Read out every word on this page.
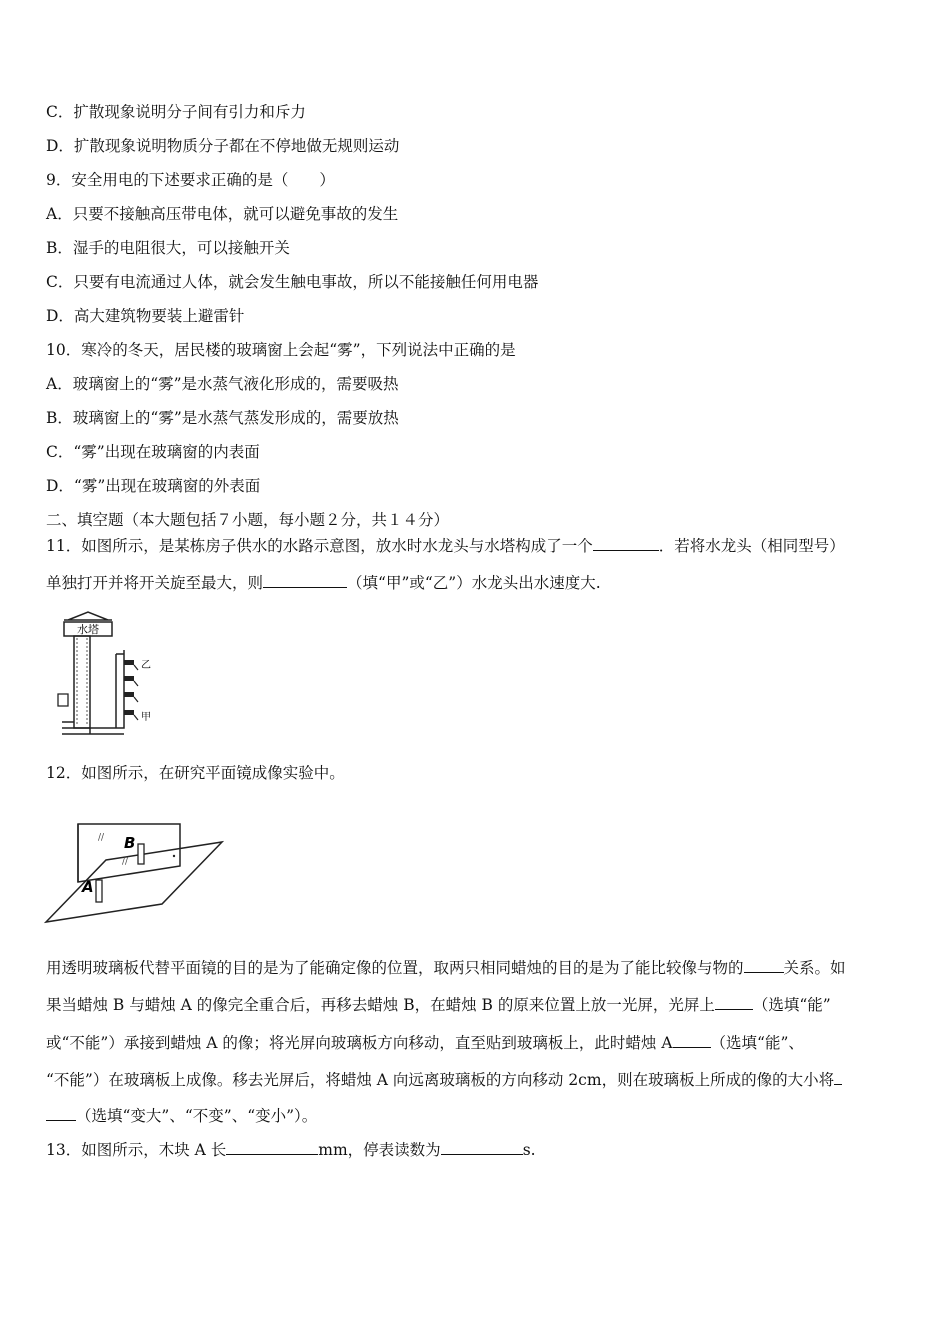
C．扩散现象说明分子间有引力和斥力
D．扩散现象说明物质分子都在不停地做无规则运动
9．安全用电的下述要求正确的是（　　）
A．只要不接触高压带电体，就可以避免事故的发生
B．湿手的电阻很大，可以接触开关
C．只要有电流通过人体，就会发生触电事故，所以不能接触任何用电器
D．高大建筑物要装上避雷针
10．寒冷的冬天，居民楼的玻璃窗上会起“雾”，下列说法中正确的是
A．玻璃窗上的“雾”是水蒸气液化形成的，需要吸热
B．玻璃窗上的“雾”是水蒸气蒸发形成的，需要放热
C．“雾”出现在玻璃窗的内表面
D．“雾”出现在玻璃窗的外表面
二、填空题（本大题包括７小题，每小题２分，共１４分）
11．如图所示，是某栋房子供水的水路示意图，放水时水龙头与水塔构成了一个	．若将水龙头（相同型号）
单独打开并将开关旋至最大，则	（填“甲”或“乙”）水龙头出水速度大.
水塔
乙
甲
12．如图所示，在研究平面镜成像实验中。
//
//
B
A
用透明玻璃板代替平面镜的目的是为了能确定像的位置，取两只相同蜡烛的目的是为了能比较像与物的	关系。如
果当蜡烛 B 与蜡烛 A 的像完全重合后，再移去蜡烛 B，在蜡烛 B 的原来位置上放一光屏，光屏上 （选填“能”
或“不能”）承接到蜡烛 A 的像；将光屏向玻璃板方向移动，直至贴到玻璃板上，此时蜡烛 A （选填“能”、
“不能”）在玻璃板上成像。移去光屏后，将蜡烛 A 向远离玻璃板的方向移动 2cm，则在玻璃板上所成的像的大小将
（选填“变大”、“不变”、“变小”）。
13．如图所示，木块 A 长	mm，停表读数为	s.
